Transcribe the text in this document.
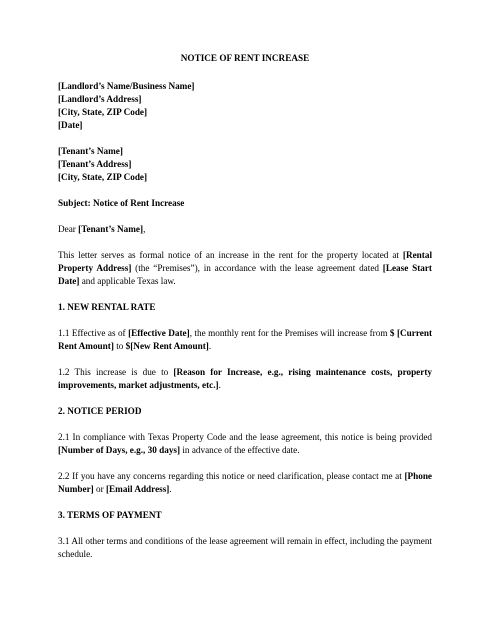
NOTICE OF RENT INCREASE
[Landlord’s Name/Business Name]
[Landlord’s Address]
[City, State, ZIP Code]
[Date]
[Tenant’s Name]
[Tenant’s Address]
[City, State, ZIP Code]
Subject: Notice of Rent Increase
Dear [Tenant’s Name],
This letter serves as formal notice of an increase in the rent for the property located at [Rental Property Address] (the “Premises”), in accordance with the lease agreement dated [Lease Start Date] and applicable Texas law.
1. NEW RENTAL RATE
1.1 Effective as of [Effective Date], the monthly rent for the Premises will increase from $ [Current Rent Amount] to $[New Rent Amount].
1.2 This increase is due to [Reason for Increase, e.g., rising maintenance costs, property improvements, market adjustments, etc.].
2. NOTICE PERIOD
2.1 In compliance with Texas Property Code and the lease agreement, this notice is being provided [Number of Days, e.g., 30 days] in advance of the effective date.
2.2 If you have any concerns regarding this notice or need clarification, please contact me at [Phone Number] or [Email Address].
3. TERMS OF PAYMENT
3.1 All other terms and conditions of the lease agreement will remain in effect, including the payment schedule.
